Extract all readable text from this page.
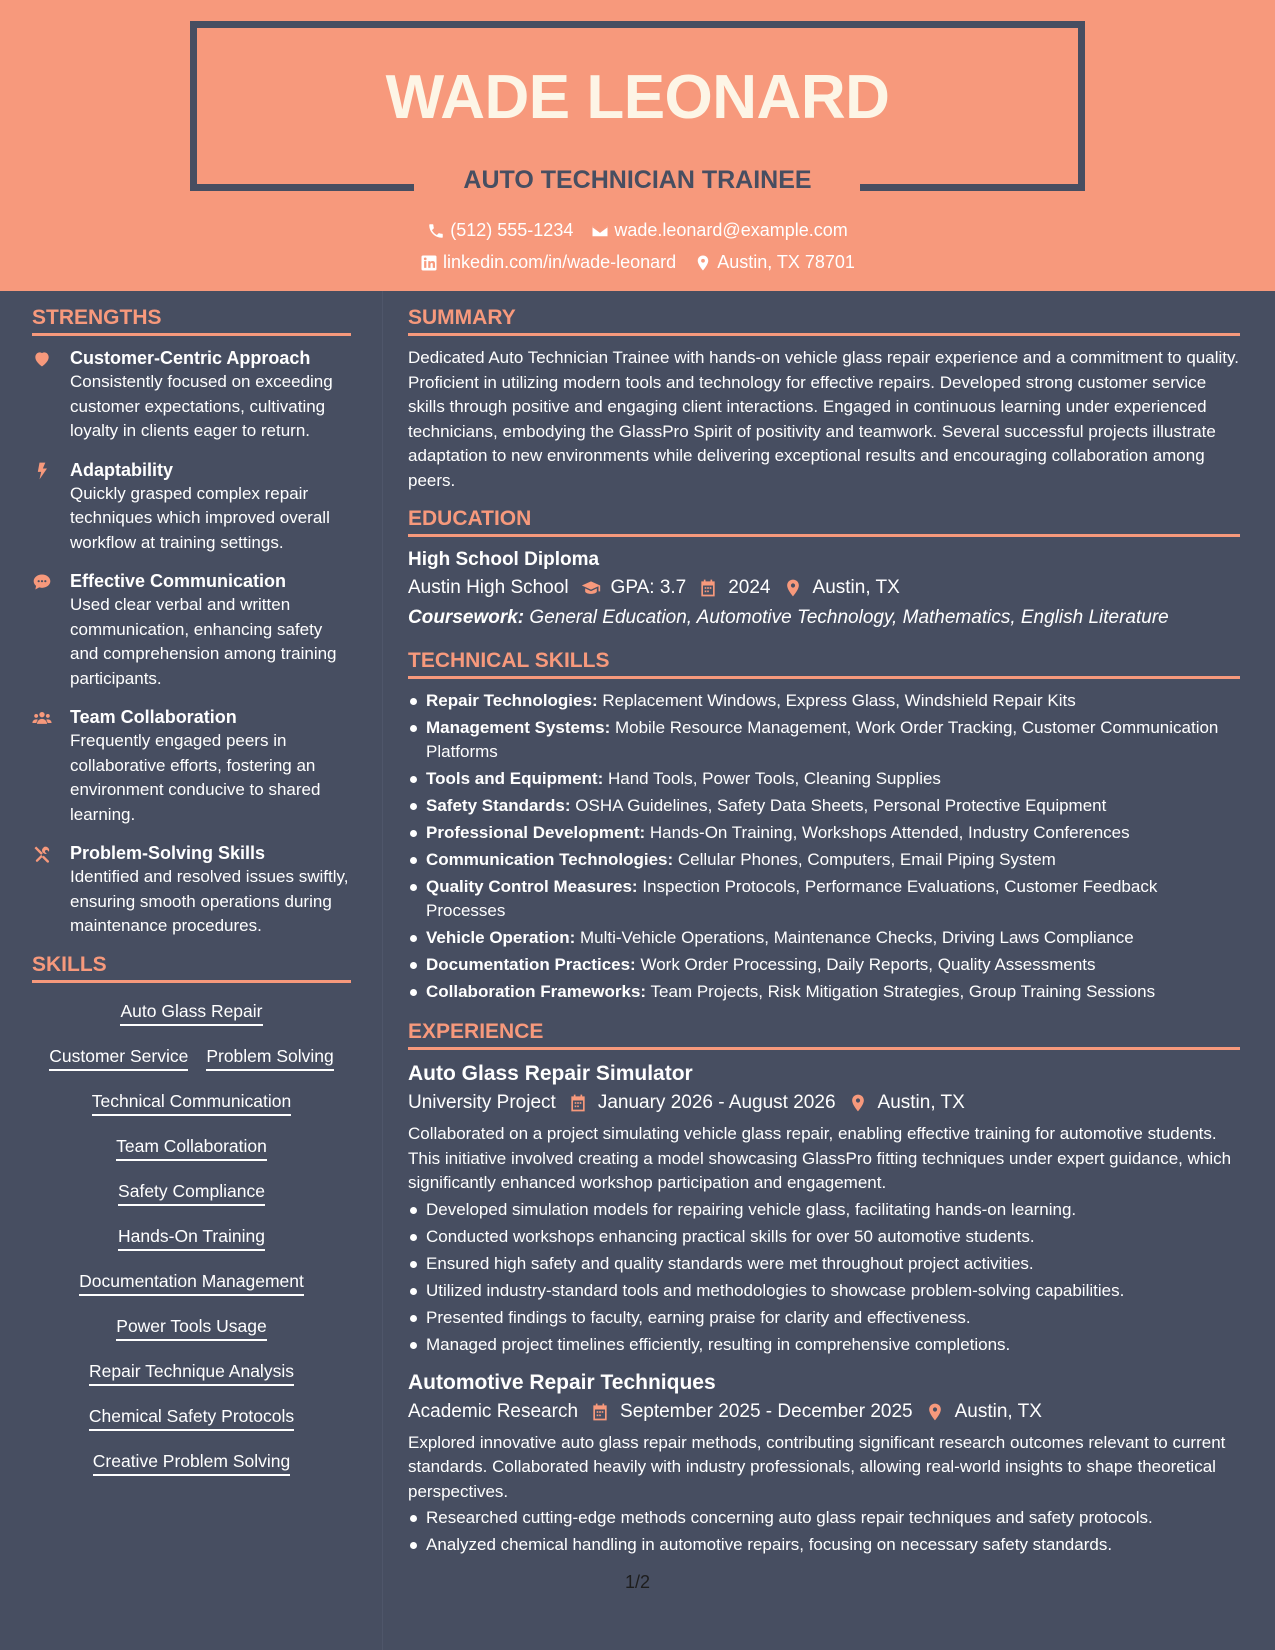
WADE LEONARD
AUTO TECHNICIAN TRAINEE
(512) 555-1234 wade.leonard@example.com
linkedin.com/in/wade-leonard Austin, TX 78701
STRENGTHS
Customer-Centric Approach
Consistently focused on exceeding customer expectations, cultivating loyalty in clients eager to return.
Adaptability
Quickly grasped complex repair techniques which improved overall workflow at training settings.
Effective Communication
Used clear verbal and written communication, enhancing safety and comprehension among training participants.
Team Collaboration
Frequently engaged peers in collaborative efforts, fostering an environment conducive to shared learning.
Problem-Solving Skills
Identified and resolved issues swiftly, ensuring smooth operations during maintenance procedures.
SKILLS
Auto Glass Repair
Customer Service Problem Solving
Technical Communication
Team Collaboration
Safety Compliance
Hands-On Training
Documentation Management
Power Tools Usage
Repair Technique Analysis
Chemical Safety Protocols
Creative Problem Solving
SUMMARY
Dedicated Auto Technician Trainee with hands-on vehicle glass repair experience and a commitment to quality. Proficient in utilizing modern tools and technology for effective repairs. Developed strong customer service skills through positive and engaging client interactions. Engaged in continuous learning under experienced technicians, embodying the GlassPro Spirit of positivity and teamwork. Several successful projects illustrate adaptation to new environments while delivering exceptional results and encouraging collaboration among peers.
EDUCATION
High School Diploma
Austin High School GPA: 3.7 2024 Austin, TX
Coursework: General Education, Automotive Technology, Mathematics, English Literature
TECHNICAL SKILLS
Repair Technologies: Replacement Windows, Express Glass, Windshield Repair Kits
Management Systems: Mobile Resource Management, Work Order Tracking, Customer Communication Platforms
Tools and Equipment: Hand Tools, Power Tools, Cleaning Supplies
Safety Standards: OSHA Guidelines, Safety Data Sheets, Personal Protective Equipment
Professional Development: Hands-On Training, Workshops Attended, Industry Conferences
Communication Technologies: Cellular Phones, Computers, Email Piping System
Quality Control Measures: Inspection Protocols, Performance Evaluations, Customer Feedback Processes
Vehicle Operation: Multi-Vehicle Operations, Maintenance Checks, Driving Laws Compliance
Documentation Practices: Work Order Processing, Daily Reports, Quality Assessments
Collaboration Frameworks: Team Projects, Risk Mitigation Strategies, Group Training Sessions
EXPERIENCE
Auto Glass Repair Simulator
University Project January 2026 - August 2026 Austin, TX
Collaborated on a project simulating vehicle glass repair, enabling effective training for automotive students. This initiative involved creating a model showcasing GlassPro fitting techniques under expert guidance, which significantly enhanced workshop participation and engagement.
Developed simulation models for repairing vehicle glass, facilitating hands-on learning.
Conducted workshops enhancing practical skills for over 50 automotive students.
Ensured high safety and quality standards were met throughout project activities.
Utilized industry-standard tools and methodologies to showcase problem-solving capabilities.
Presented findings to faculty, earning praise for clarity and effectiveness.
Managed project timelines efficiently, resulting in comprehensive completions.
Automotive Repair Techniques
Academic Research September 2025 - December 2025 Austin, TX
Explored innovative auto glass repair methods, contributing significant research outcomes relevant to current standards. Collaborated heavily with industry professionals, allowing real-world insights to shape theoretical perspectives.
Researched cutting-edge methods concerning auto glass repair techniques and safety protocols.
Analyzed chemical handling in automotive repairs, focusing on necessary safety standards.
1/2
